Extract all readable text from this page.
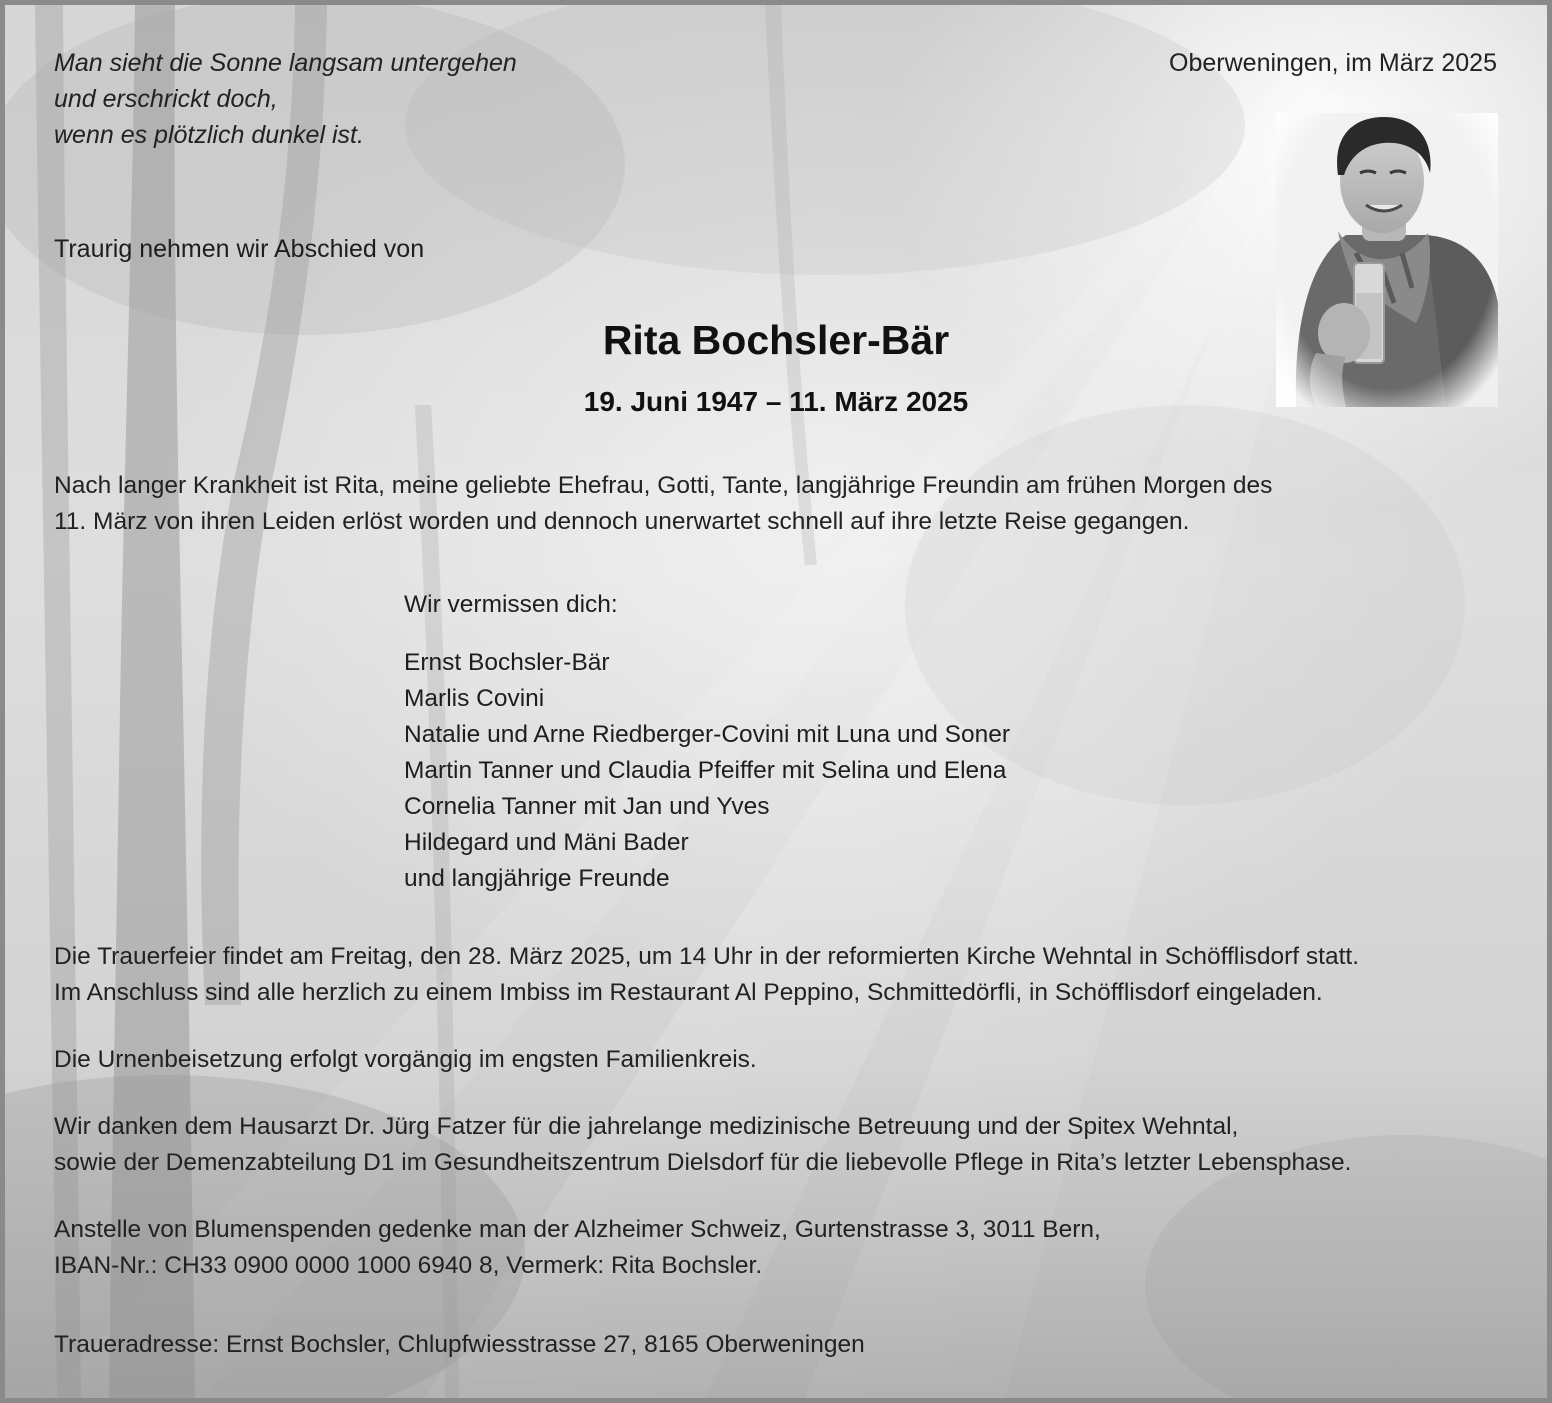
Man sieht die Sonne langsam untergehen
und erschrickt doch,
wenn es plötzlich dunkel ist.
Oberweningen, im März 2025
Traurig nehmen wir Abschied von
Rita Bochsler-Bär
19. Juni 1947 – 11. März 2025
Nach langer Krankheit ist Rita, meine geliebte Ehefrau, Gotti, Tante, langjährige Freundin am frühen Morgen des
11. März von ihren Leiden erlöst worden und dennoch unerwartet schnell auf ihre letzte Reise gegangen.
Wir vermissen dich:
Ernst Bochsler-Bär
Marlis Covini
Natalie und Arne Riedberger-Covini mit Luna und Soner
Martin Tanner und Claudia Pfeiffer mit Selina und Elena
Cornelia Tanner mit Jan und Yves
Hildegard und Mäni Bader
und langjährige Freunde
Die Trauerfeier findet am Freitag, den 28. März 2025, um 14 Uhr in der reformierten Kirche Wehntal in Schöfflisdorf statt.
Im Anschluss sind alle herzlich zu einem Imbiss im Restaurant Al Peppino, Schmittedörfli, in Schöfflisdorf eingeladen.
Die Urnenbeisetzung erfolgt vorgängig im engsten Familienkreis.
Wir danken dem Hausarzt Dr. Jürg Fatzer für die jahrelange medizinische Betreuung und der Spitex Wehntal,
sowie der Demenzabteilung D1 im Gesundheitszentrum Dielsdorf für die liebevolle Pflege in Rita’s letzter Lebensphase.
Anstelle von Blumenspenden gedenke man der Alzheimer Schweiz, Gurtenstrasse 3, 3011 Bern,
IBAN-Nr.: CH33 0900 0000 1000 6940 8, Vermerk: Rita Bochsler.
Traueradresse: Ernst Bochsler, Chlupfwiesstrasse 27, 8165 Oberweningen
